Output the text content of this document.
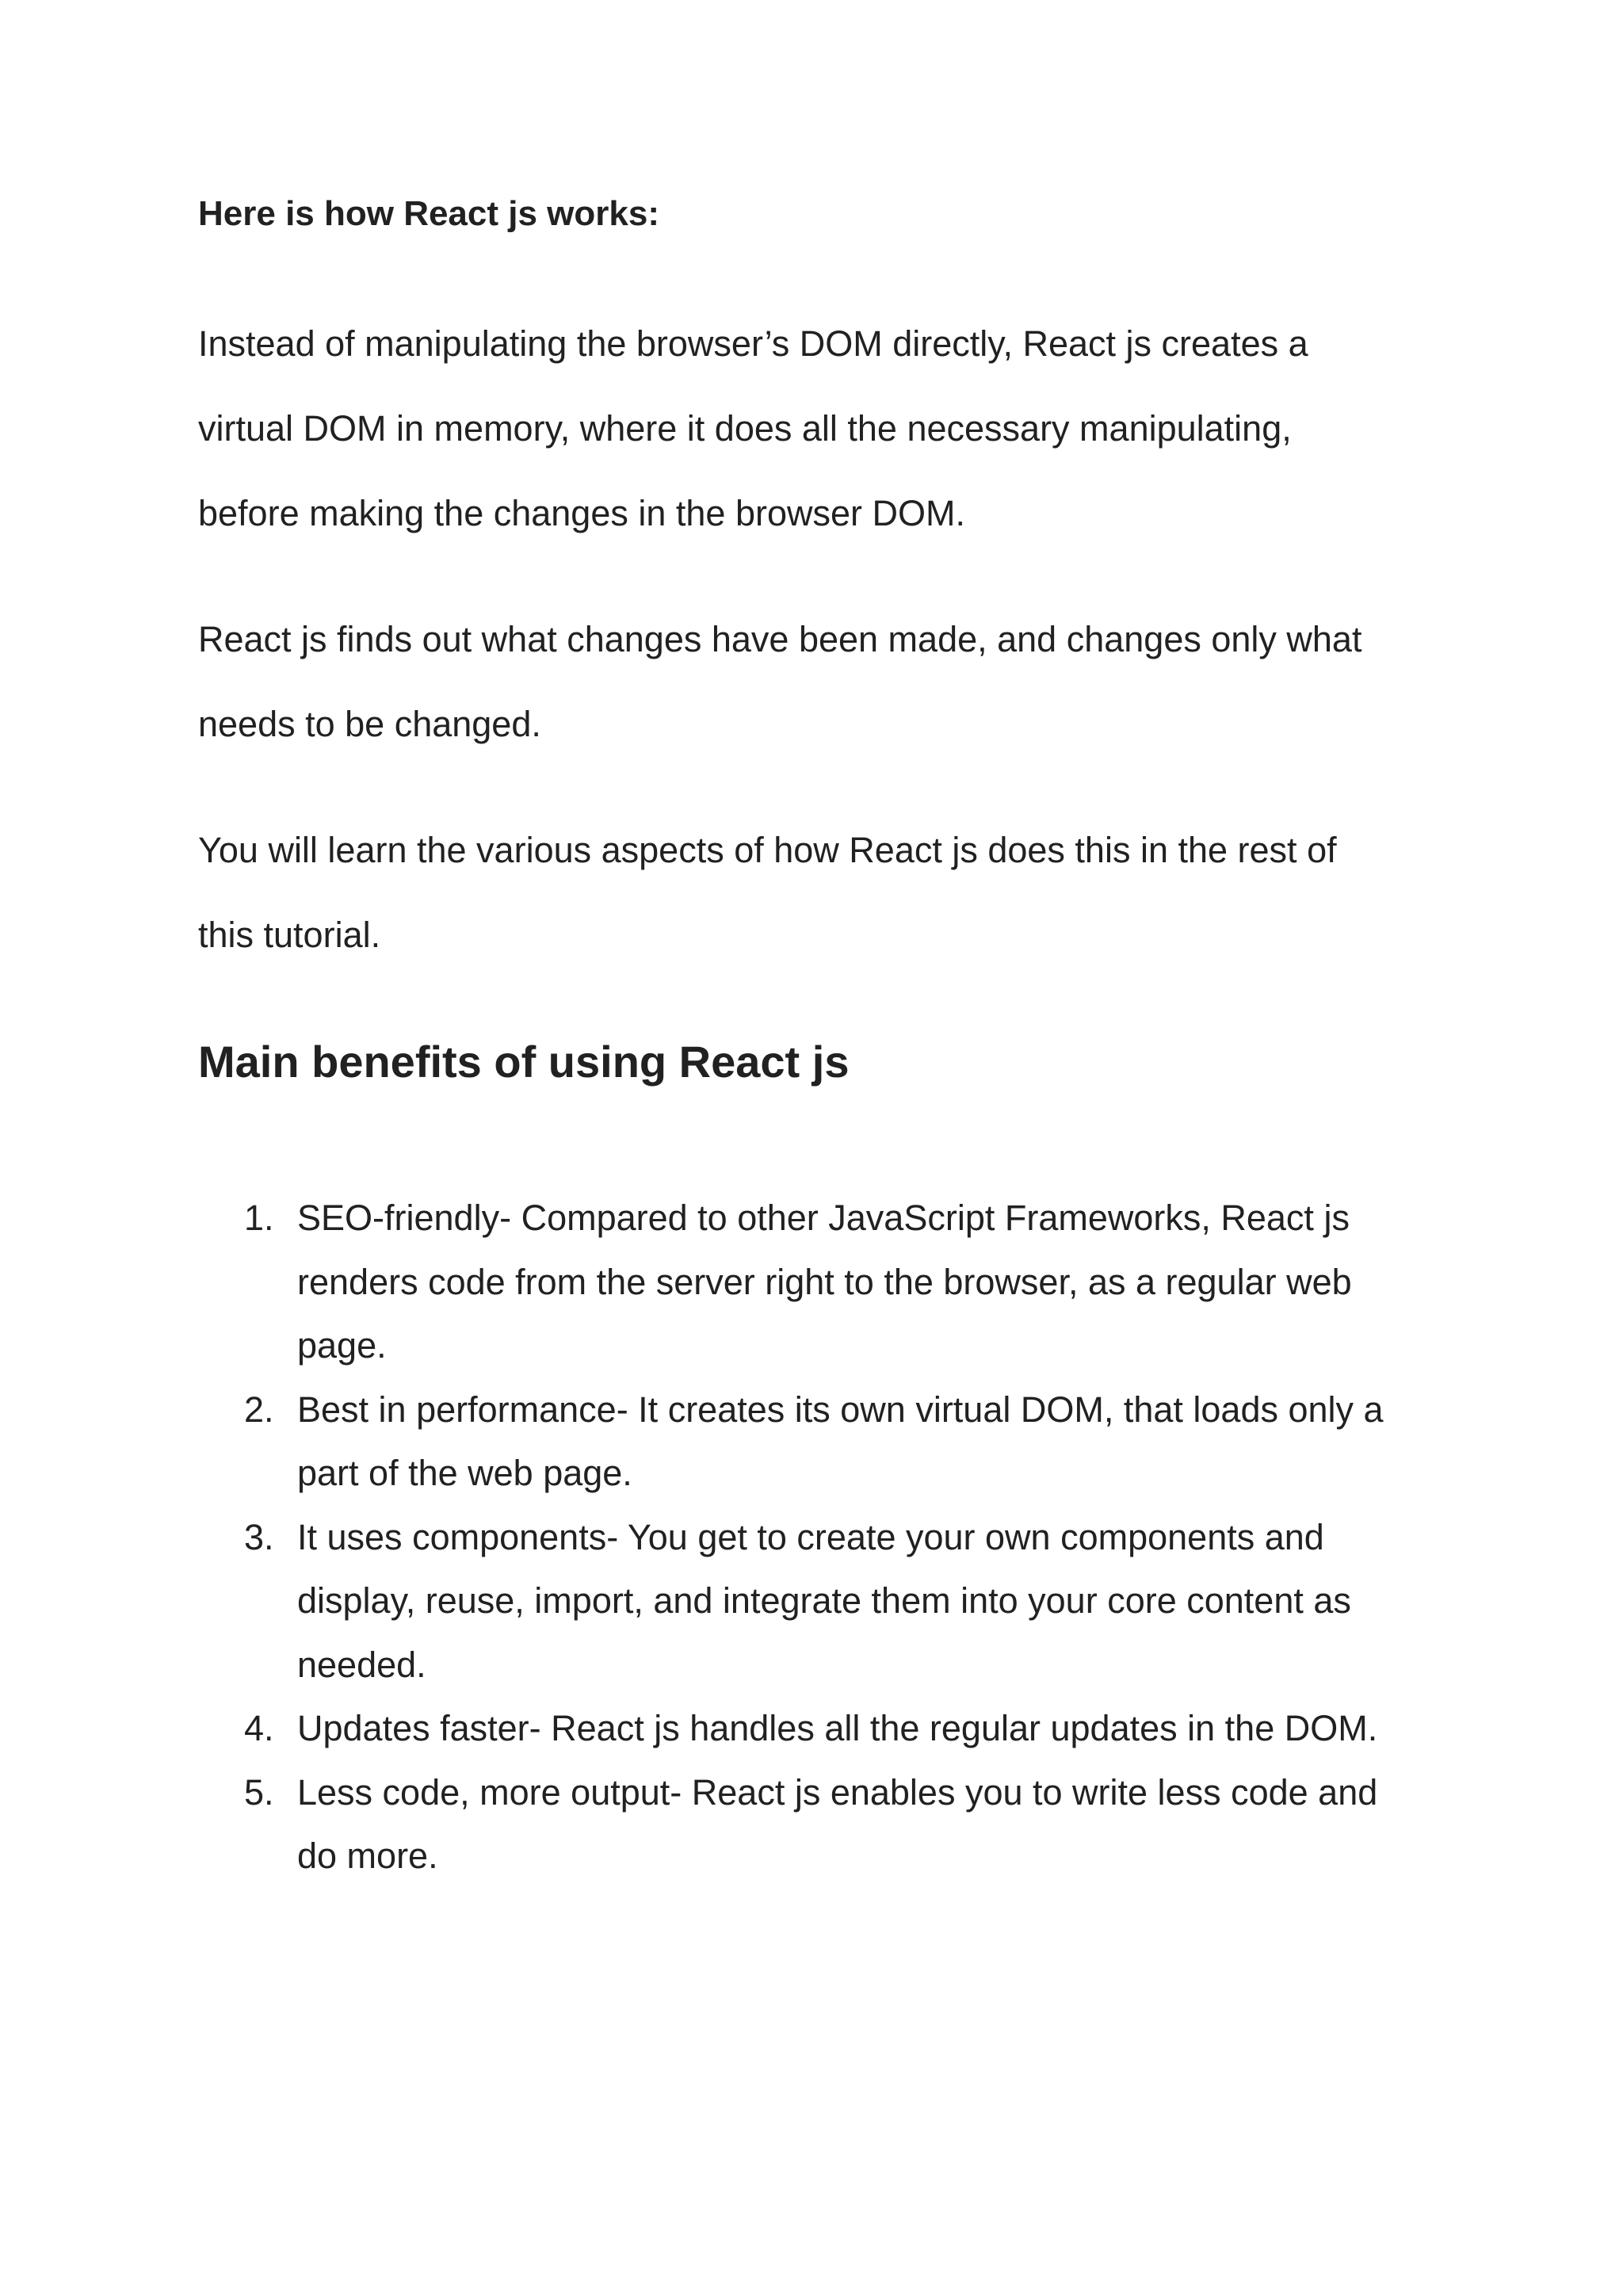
Here is how React js works:

Instead of manipulating the browser’s DOM directly, React js creates a
virtual DOM in memory, where it does all the necessary manipulating,
before making the changes in the browser DOM.

React js finds out what changes have been made, and changes only what
needs to be changed.

You will learn the various aspects of how React js does this in the rest of
this tutorial.

Main benefits of using React js
1. SEO-friendly- Compared to other JavaScript Frameworks, React js
renders code from the server right to the browser, as a regular web
page.
2. Best in performance- It creates its own virtual DOM, that loads only a
part of the web page.
3. It uses components- You get to create your own components and
display, reuse, import, and integrate them into your core content as
needed.
4. Updates faster- React js handles all the regular updates in the DOM.
5. Less code, more output- React js enables you to write less code and
do more.
